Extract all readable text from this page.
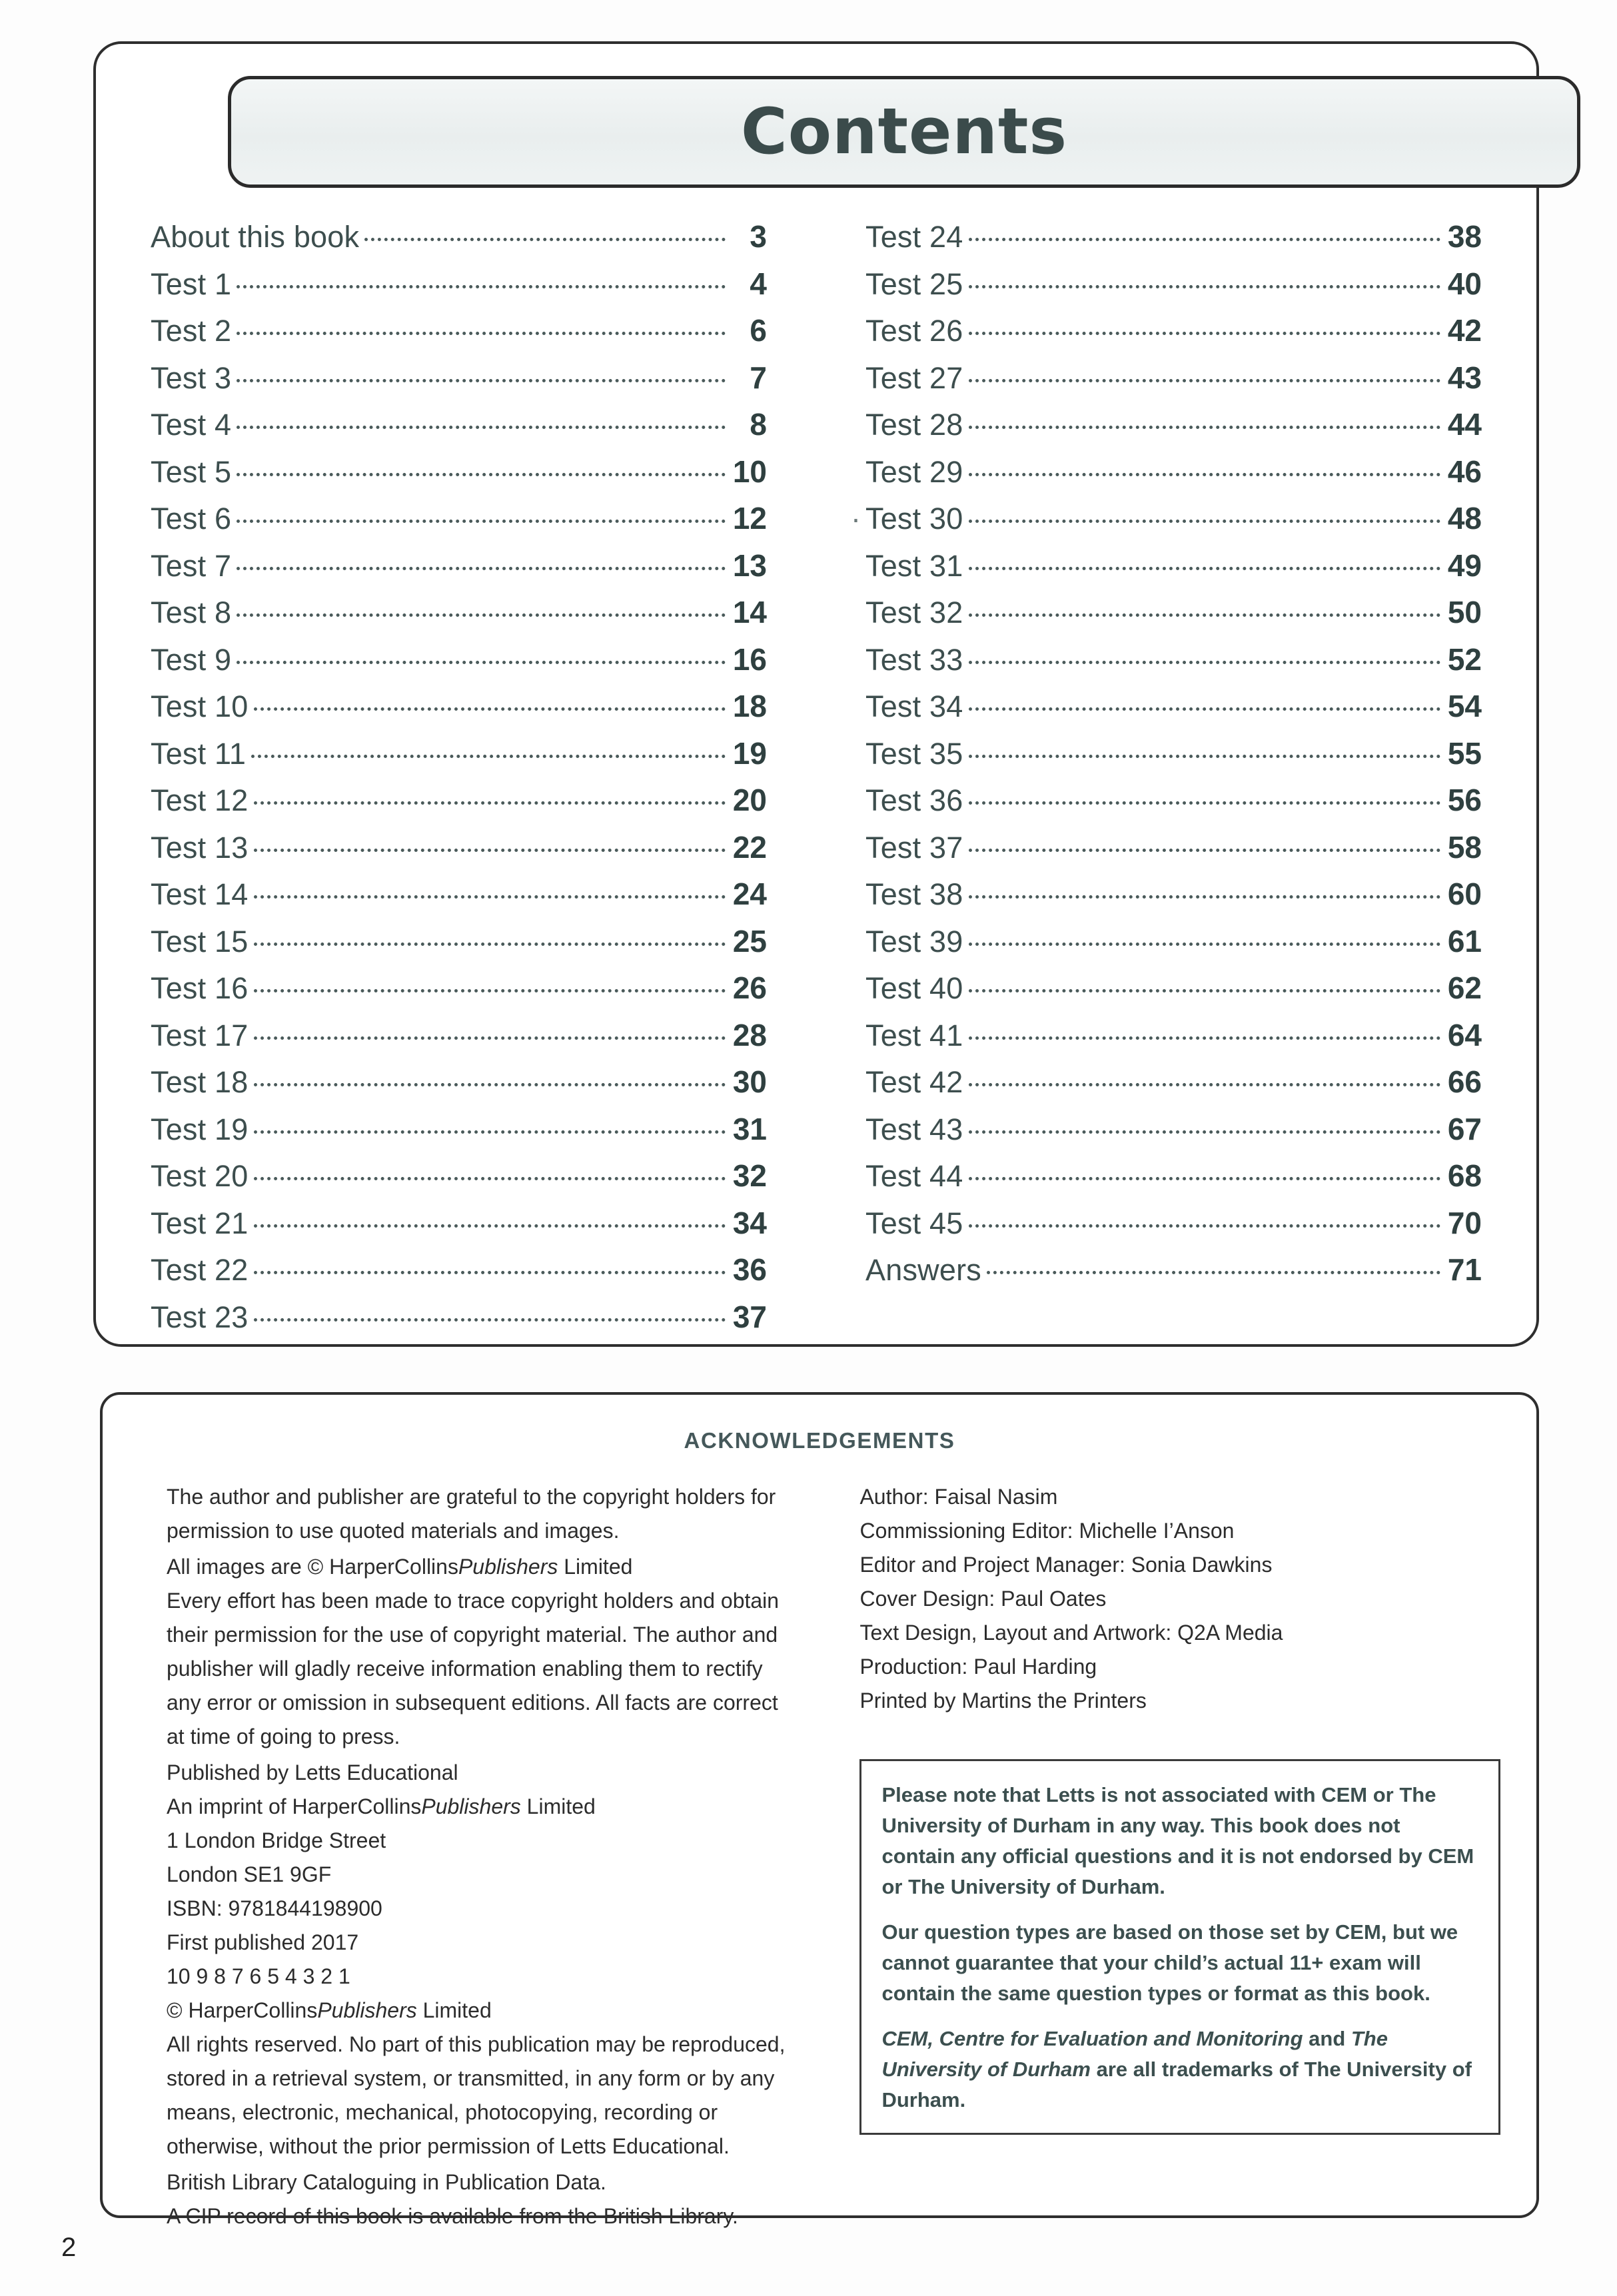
Contents
About this book	3
Test 1	4
Test 2	6
Test 3	7
Test 4	8
Test 5	10
Test 6	12
Test 7	13
Test 8	14
Test 9	16
Test 10	18
Test 11	19
Test 12	20
Test 13	22
Test 14	24
Test 15	25
Test 16	26
Test 17	28
Test 18	30
Test 19	31
Test 20	32
Test 21	34
Test 22	36
Test 23	37
Test 24	38
Test 25	40
Test 26	42
Test 27	43
Test 28	44
Test 29	46
· Test 30	48
Test 31	49
Test 32	50
Test 33	52
Test 34	54
Test 35	55
Test 36	56
Test 37	58
Test 38	60
Test 39	61
Test 40	62
Test 41	64
Test 42	66
Test 43	67
Test 44	68
Test 45	70
Answers	71
ACKNOWLEDGEMENTS

The author and publisher are grateful to the copyright holders for permission to use quoted materials and images.

All images are © HarperCollinsPublishers Limited

Every effort has been made to trace copyright holders and obtain their permission for the use of copyright material. The author and publisher will gladly receive information enabling them to rectify any error or omission in subsequent editions. All facts are correct at time of going to press.

Published by Letts Educational

An imprint of HarperCollinsPublishers Limited

1 London Bridge Street

London SE1 9GF

ISBN: 9781844198900

First published 2017

10 9 8 7 6 5 4 3 2 1

© HarperCollinsPublishers Limited

All rights reserved. No part of this publication may be reproduced, stored in a retrieval system, or transmitted, in any form or by any means, electronic, mechanical, photocopying, recording or otherwise, without the prior permission of Letts Educational.

British Library Cataloguing in Publication Data.

A CIP record of this book is available from the British Library.

Author: Faisal Nasim

Commissioning Editor: Michelle I’Anson

Editor and Project Manager: Sonia Dawkins

Cover Design: Paul Oates

Text Design, Layout and Artwork: Q2A Media

Production: Paul Harding

Printed by Martins the Printers

Please note that Letts is not associated with CEM or The University of Durham in any way. This book does not contain any official questions and it is not endorsed by CEM or The University of Durham.

Our question types are based on those set by CEM, but we cannot guarantee that your child’s actual 11+ exam will contain the same question types or format as this book.

CEM, Centre for Evaluation and Monitoring and The University of Durham are all trademarks of The University of Durham.

2
